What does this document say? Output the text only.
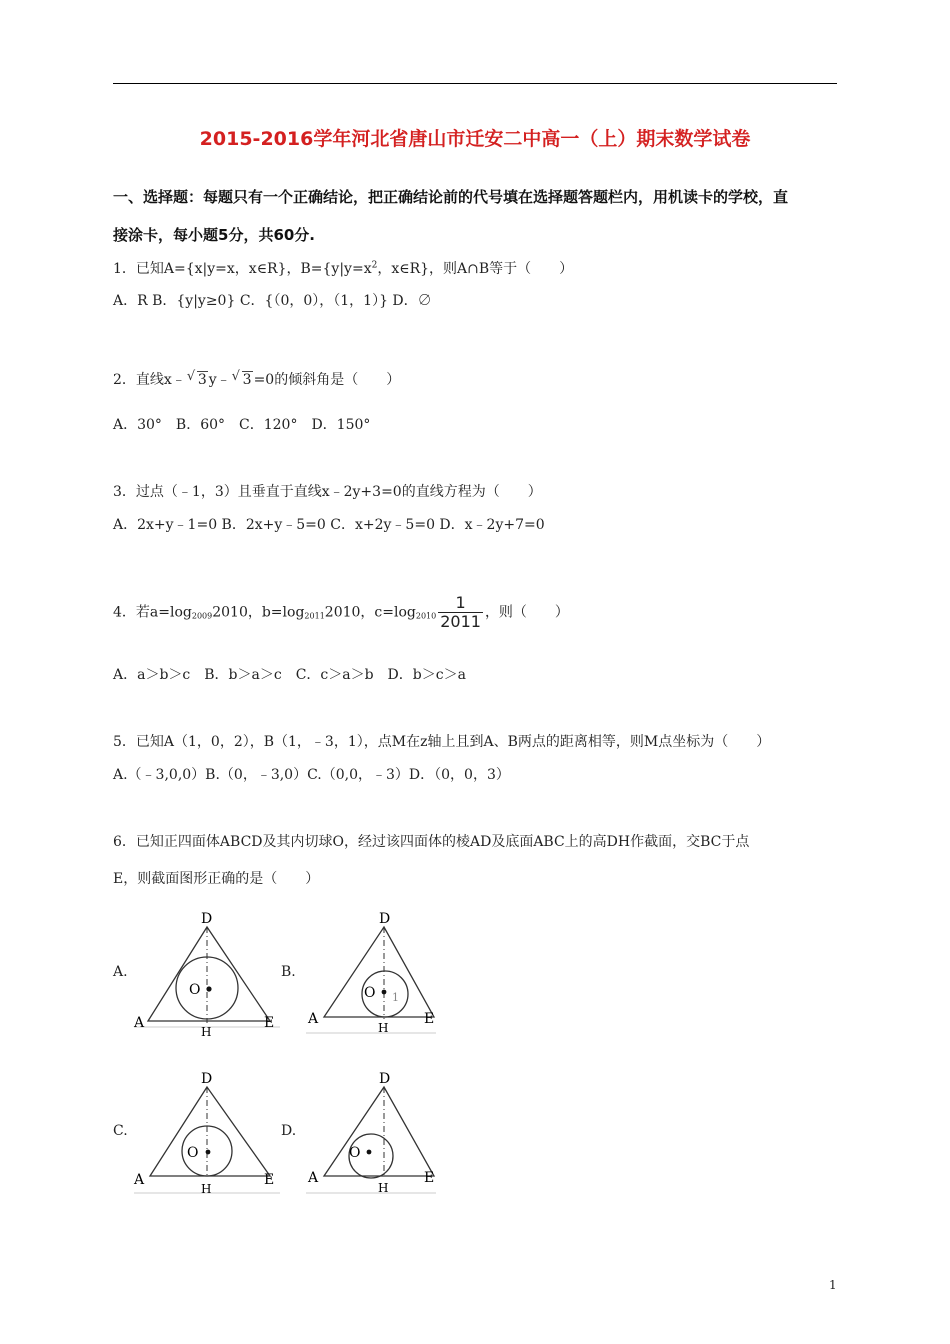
2015-2016学年河北省唐山市迁安二中高一（上）期末数学试卷
一、选择题：每题只有一个正确结论，把正确结论前的代号填在选择题答题栏内，用机读卡的学校，直
接涂卡，每小题5分，共60分.
1．已知A={x|y=x，x∈R}，$B=\{y|y=x^2$，x∈R}，则A∩B等于（　　）
A．R B．{y|y≥0} C．{（0，0），（1，1）} D．∅
2．直线x﹣ √ 3 y﹣ √ 3 =0的倾斜角是（　　）
A．30°　B．60°　C．120°　D．150°
3．过点（﹣1，3）且垂直于直线x﹣2y+3=0的直线方程为（　　）
A．2x+y﹣1=0 B．2x+y﹣5=0 C．x+2y﹣5=0 D．x﹣2y+7=0
4．若$a=\log_{2009}2010$，$b=\log_{2011}2010$，$c=\log_{2010} \frac{1}{2011}$ ，则（　　）
A．a＞b＞c　B．b＞a＞c　C．c＞a＞b　D．b＞c＞a
5．已知A（1，0，2），B（1，﹣3，1），点M在z轴上且到A、B两点的距离相等，则M点坐标为（　　）
A.（﹣3,0,0）B.（0，﹣3,0）C.（0,0，﹣3）D．（0，0，3）
6．已知正四面体ABCD及其内切球O，经过该四面体的棱AD及底面ABC上的高DH作截面，交BC于点
E，则截面图形正确的是（　　）
A.	B.
C.	D.
D
A	E
H
O
D
A	E
H
O 1
D
A	E
H
O
D
A	E
H
O
1
